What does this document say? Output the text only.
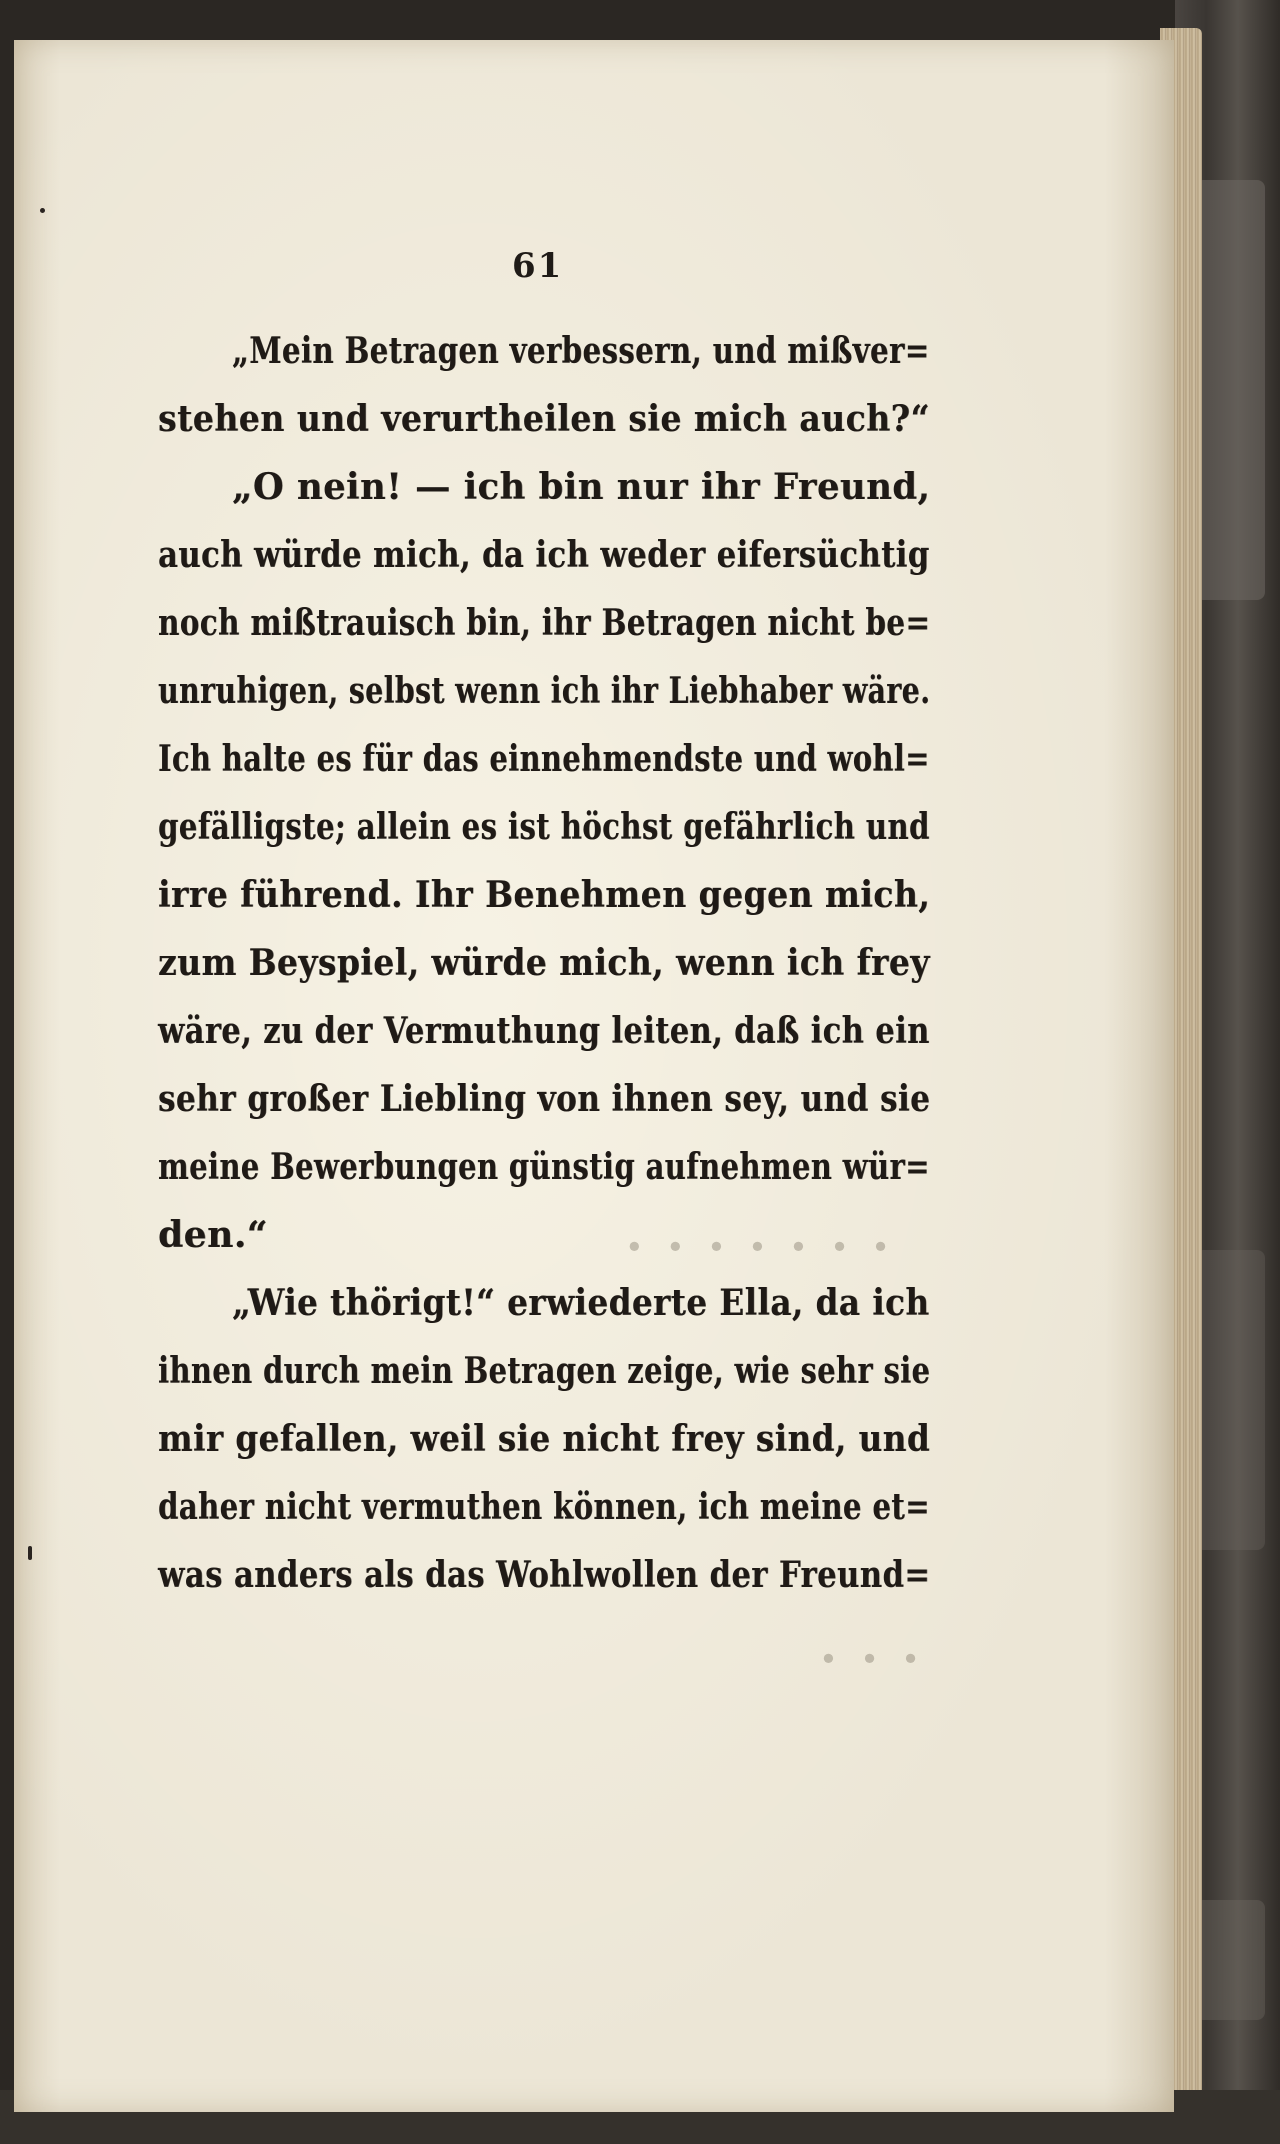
• • • • • • •
• • •
61
„Mein Betragen verbessern, und mißver=
stehen und verurtheilen sie mich auch?“
„O nein! — ich bin nur ihr Freund,
auch würde mich, da ich weder eifersüchtig
noch mißtrauisch bin, ihr Betragen nicht be=
unruhigen, selbst wenn ich ihr Liebhaber wäre.
Ich halte es für das einnehmendste und wohl=
gefälligste; allein es ist höchst gefährlich und
irre führend. Ihr Benehmen gegen mich,
zum Beyspiel, würde mich, wenn ich frey
wäre, zu der Vermuthung leiten, daß ich ein
sehr großer Liebling von ihnen sey, und sie
meine Bewerbungen günstig aufnehmen wür=
den.“
„Wie thörigt!“ erwiederte Ella, da ich
ihnen durch mein Betragen zeige, wie sehr sie
mir gefallen, weil sie nicht frey sind, und
daher nicht vermuthen können, ich meine et=
was anders als das Wohlwollen der Freund=
